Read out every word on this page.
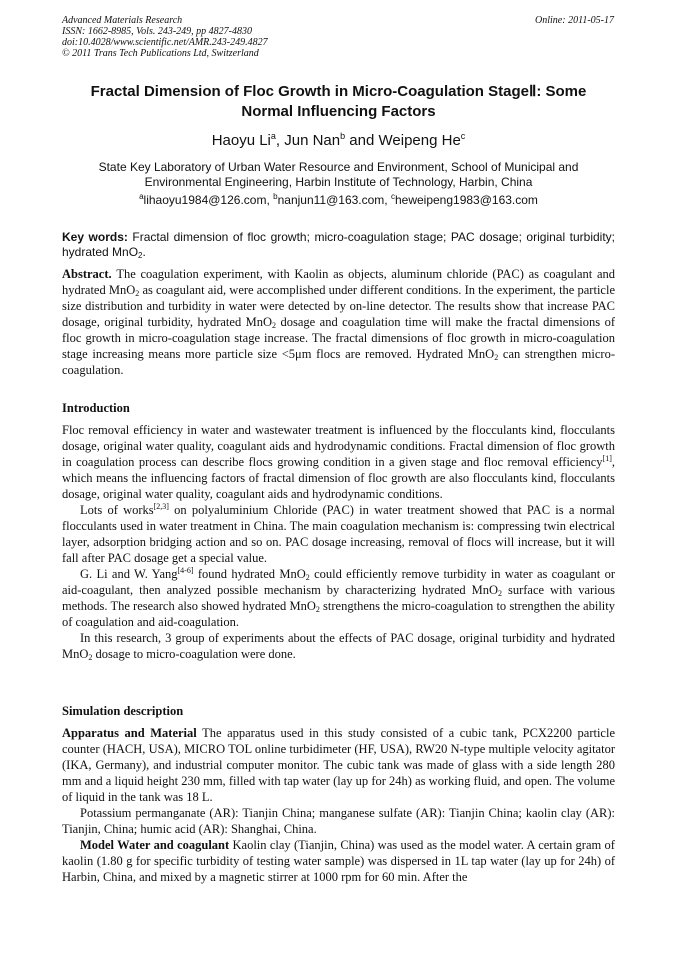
Advanced Materials Research
ISSN: 1662-8985, Vols. 243-249, pp 4827-4830
doi:10.4028/www.scientific.net/AMR.243-249.4827
© 2011 Trans Tech Publications Ltd, Switzerland
Online: 2011-05-17
Fractal Dimension of Floc Growth in Micro-Coagulation StageⅡ: Some
Normal Influencing Factors
Haoyu Li$^a$, Jun Nan$^b$ and Weipeng He$^c$
State Key Laboratory of Urban Water Resource and Environment, School of Municipal and
Environmental Engineering, Harbin Institute of Technology, Harbin, China
$^a$lihaoyu1984@126.com, $^b$nanjun11@163.com, $^c$heweipeng1983@163.com
Key words: Fractal dimension of floc growth; micro-coagulation stage; PAC dosage; original turbidity; hydrated MnO$_2$.

Abstract. The coagulation experiment, with Kaolin as objects, aluminum chloride (PAC) as coagulant and hydrated MnO$_2$ as coagulant aid, were accomplished under different conditions. In the experiment, the particle size distribution and turbidity in water were detected by on-line detector. The results show that increase PAC dosage, original turbidity, hydrated MnO$_2$ dosage and coagulation time will make the fractal dimensions of floc growth in micro-coagulation stage increase. The fractal dimensions of floc growth in micro-coagulation stage increasing means more particle size <5μm flocs are removed. Hydrated MnO$_2$ can strengthen micro-coagulation.

Introduction

Floc removal efficiency in water and wastewater treatment is influenced by the flocculants kind, flocculants dosage, original water quality, coagulant aids and hydrodynamic conditions. Fractal dimension of floc growth in coagulation process can describe flocs growing condition in a given stage and floc removal efficiency[1], which means the influencing factors of fractal dimension of floc growth are also flocculants kind, flocculants dosage, original water quality, coagulant aids and hydrodynamic conditions.

Lots of works[2,3] on polyaluminium Chloride (PAC) in water treatment showed that PAC is a normal flocculants used in water treatment in China. The main coagulation mechanism is: compressing twin electrical layer, adsorption bridging action and so on. PAC dosage increasing, removal of flocs will increase, but it will fall after PAC dosage get a special value.

G. Li and W. Yang[4-6] found hydrated MnO$_2$ could efficiently remove turbidity in water as coagulant or aid-coagulant, then analyzed possible mechanism by characterizing hydrated MnO$_2$ surface with various methods. The research also showed hydrated MnO$_2$ strengthens the micro-coagulation to strengthen the ability of coagulation and aid-coagulation.

In this research, 3 group of experiments about the effects of PAC dosage, original turbidity and hydrated MnO$_2$ dosage to micro-coagulation were done.

Simulation description

Apparatus and Material The apparatus used in this study consisted of a cubic tank, PCX2200 particle counter (HACH, USA), MICRO TOL online turbidimeter (HF, USA), RW20 N-type multiple velocity agitator (IKA, Germany), and industrial computer monitor. The cubic tank was made of glass with a side length 280 mm and a liquid height 230 mm, filled with tap water (lay up for 24h) as working fluid, and open. The volume of liquid in the tank was 18 L.

Potassium permanganate (AR): Tianjin China; manganese sulfate (AR): Tianjin China; kaolin clay (AR): Tianjin, China; humic acid (AR): Shanghai, China.

Model Water and coagulant Kaolin clay (Tianjin, China) was used as the model water. A certain gram of kaolin (1.80 g for specific turbidity of testing water sample) was dispersed in 1L tap water (lay up for 24h) of Harbin, China, and mixed by a magnetic stirrer at 1000 rpm for 60 min. After the
